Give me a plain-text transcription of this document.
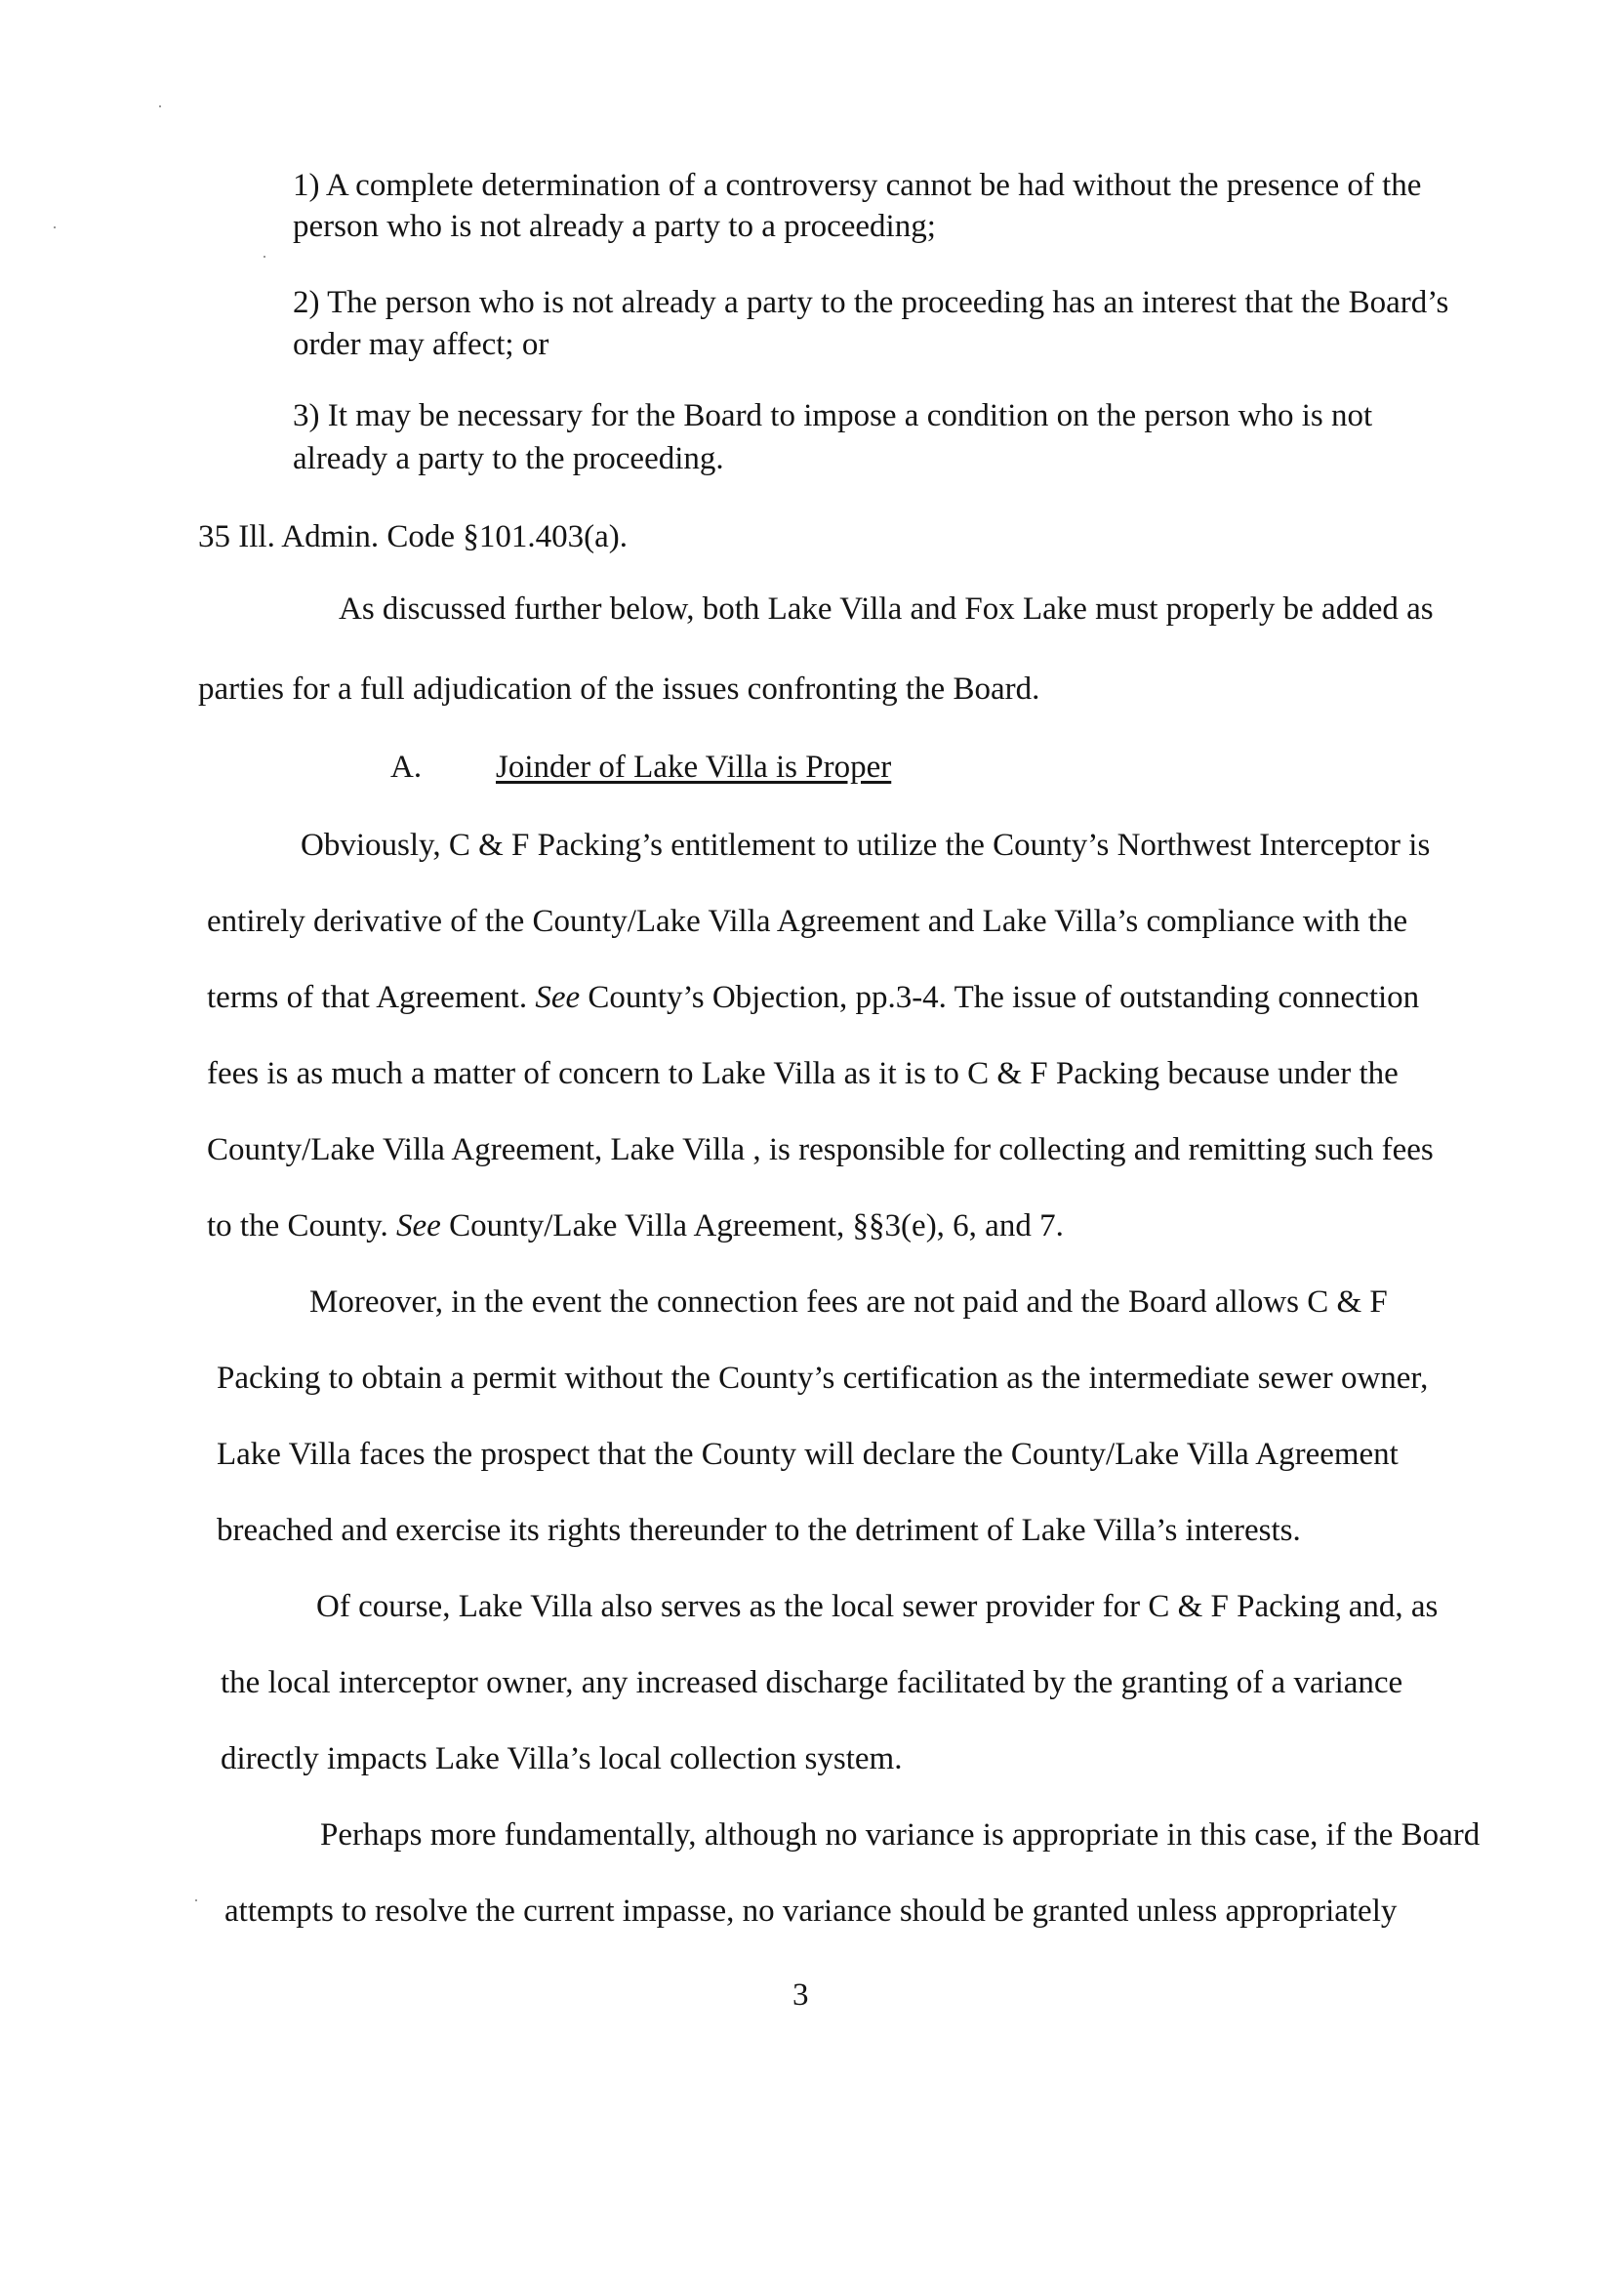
1) A complete determination of a controversy cannot be had without the presence of the
person who is not already a party to a proceeding;
2) The person who is not already a party to the proceeding has an interest that the Board’s
order may affect; or
3) It may be necessary for the Board to impose a condition on the person who is not
already a party to the proceeding.
35 Ill. Admin. Code §101.403(a).
As discussed further below, both Lake Villa and Fox Lake must properly be added as
parties for a full adjudication of the issues confronting the Board.
A. Joinder of Lake Villa is Proper
Obviously, C & F Packing’s entitlement to utilize the County’s Northwest Interceptor is
entirely derivative of the County/Lake Villa Agreement and Lake Villa’s compliance with the
terms of that Agreement. See County’s Objection, pp.3-4. The issue of outstanding connection
fees is as much a matter of concern to Lake Villa as it is to C & F Packing because under the
County/Lake Villa Agreement, Lake Villa , is responsible for collecting and remitting such fees
to the County. See County/Lake Villa Agreement, §§3(e), 6, and 7.
Moreover, in the event the connection fees are not paid and the Board allows C & F
Packing to obtain a permit without the County’s certification as the intermediate sewer owner,
Lake Villa faces the prospect that the County will declare the County/Lake Villa Agreement
breached and exercise its rights thereunder to the detriment of Lake Villa’s interests.
Of course, Lake Villa also serves as the local sewer provider for C & F Packing and, as
the local interceptor owner, any increased discharge facilitated by the granting of a variance
directly impacts Lake Villa’s local collection system.
Perhaps more fundamentally, although no variance is appropriate in this case, if the Board
attempts to resolve the current impasse, no variance should be granted unless appropriately
3
